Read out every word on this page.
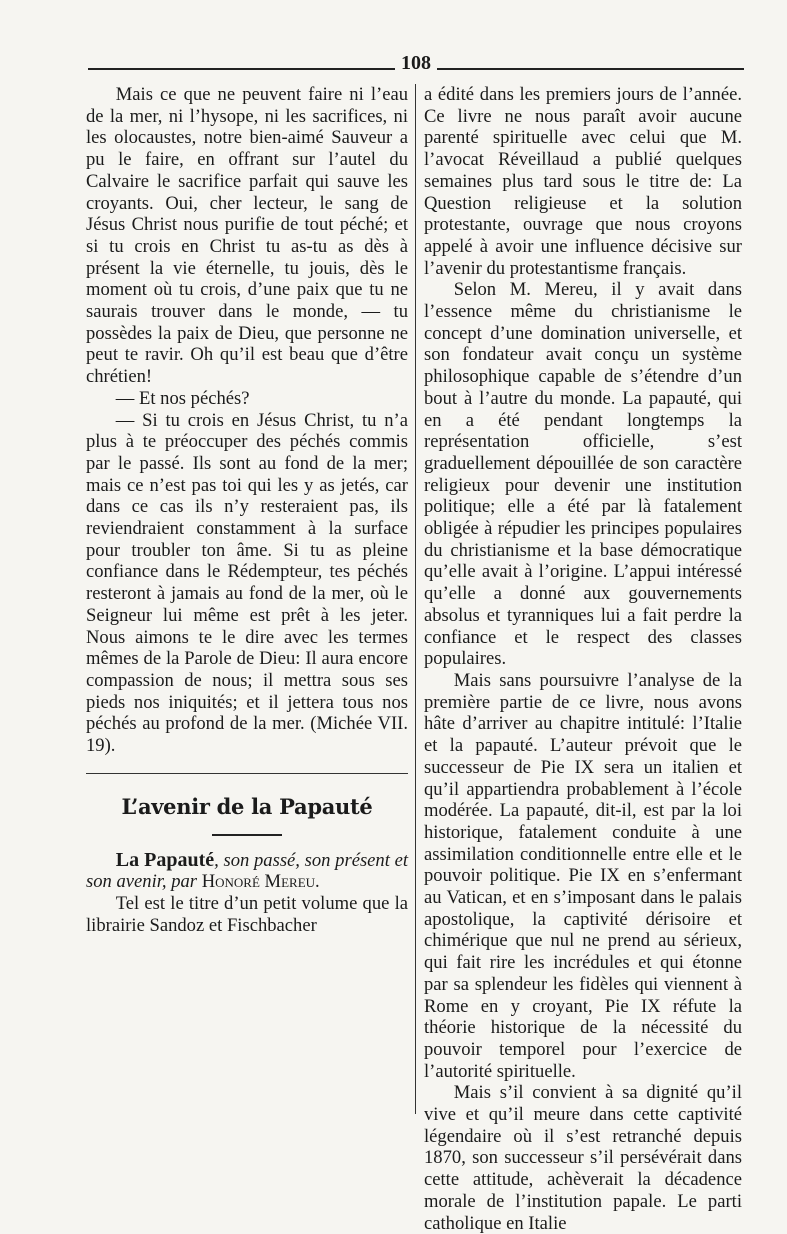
108

Mais ce que ne peuvent faire ni l’eau de la mer, ni l’hysope, ni les sacrifices, ni les olocaustes, notre bien-aimé Sauveur a pu le faire, en offrant sur l’autel du Calvaire le sacrifice parfait qui sauve les croyants. Oui, cher lecteur, le sang de Jésus Christ nous purifie de tout péché; et si tu crois en Christ tu as-tu as dès à présent la vie éternelle, tu jouis, dès le moment où tu crois, d’une paix que tu ne saurais trouver dans le monde, — tu possèdes la paix de Dieu, que personne ne peut te ravir. Oh qu’il est beau que d’être chrétien!

— Et nos péchés?

— Si tu crois en Jésus Christ, tu n’a plus à te préoccuper des péchés commis par le passé. Ils sont au fond de la mer; mais ce n’est pas toi qui les y as jetés, car dans ce cas ils n’y resteraient pas, ils reviendraient constamment à la surface pour troubler ton âme. Si tu as pleine confiance dans le Rédempteur, tes péchés resteront à jamais au fond de la mer, où le Seigneur lui même est prêt à les jeter. Nous aimons te le dire avec les termes mêmes de la Parole de Dieu: Il aura encore compassion de nous; il mettra sous ses pieds nos iniquités; et il jettera tous nos péchés au profond de la mer. (Michée VII. 19).

L’avenir de la Papauté

La Papauté, son passé, son présent et son avenir, par Honoré Mereu.

Tel est le titre d’un petit volume que la librairie Sandoz et Fischbacher

a édité dans les premiers jours de l’année. Ce livre ne nous paraît avoir aucune parenté spirituelle avec celui que M. l’avocat Réveillaud a publié quelques semaines plus tard sous le titre de: La Question religieuse et la solution protestante, ouvrage que nous croyons appelé à avoir une influence décisive sur l’avenir du protestantisme français.

Selon M. Mereu, il y avait dans l’essence même du christianisme le concept d’une domination universelle, et son fondateur avait conçu un système philosophique capable de s’étendre d’un bout à l’autre du monde. La papauté, qui en a été pendant longtemps la représentation officielle, s’est graduellement dépouillée de son caractère religieux pour devenir une institution politique; elle a été par là fatalement obligée à répudier les principes populaires du christianisme et la base démocratique qu’elle avait à l’origine. L’appui intéressé qu’elle a donné aux gouvernements absolus et tyranniques lui a fait perdre la confiance et le respect des classes populaires.

Mais sans poursuivre l’analyse de la première partie de ce livre, nous avons hâte d’arriver au chapitre intitulé: l’Italie et la papauté. L’auteur prévoit que le successeur de Pie IX sera un italien et qu’il appartiendra probablement à l’école modérée. La papauté, dit-il, est par la loi historique, fatalement conduite à une assimilation conditionnelle entre elle et le pouvoir politique. Pie IX en s’enfermant au Vatican, et en s’imposant dans le palais apostolique, la captivité dérisoire et chimérique que nul ne prend au sérieux, qui fait rire les incrédules et qui étonne par sa splendeur les fidèles qui viennent à Rome en y croyant, Pie IX réfute la théorie historique de la nécessité du pouvoir temporel pour l’exercice de l’autorité spirituelle.

Mais s’il convient à sa dignité qu’il vive et qu’il meure dans cette captivité légendaire où il s’est retranché depuis 1870, son successeur s’il persévérait dans cette attitude, achèverait la décadence morale de l’institution papale. Le parti catholique en Italie
